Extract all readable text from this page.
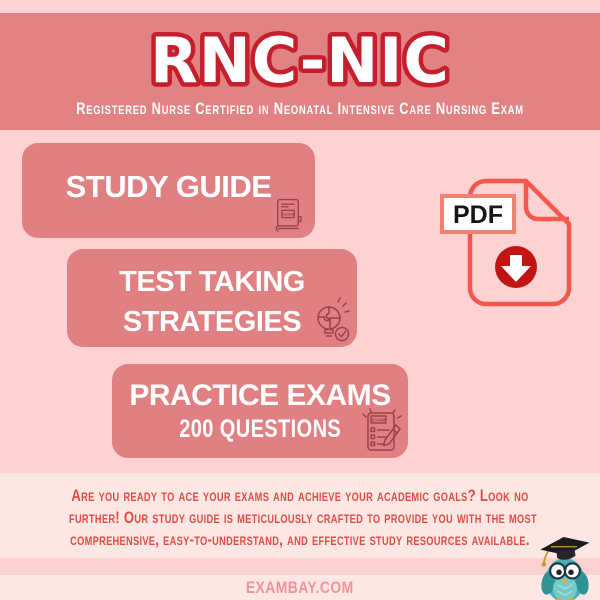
RNC-NIC
Registered Nurse Certified in Neonatal Intensive Care Nursing Exam
STUDY GUIDE
GUIDE
TEST TAKING
STRATEGIES
PRACTICE EXAMS
200 QUESTIONS	EXAM
PDF

Are you ready to ace your exams and achieve your academic goals? Look no
further! Our study guide is meticulously crafted to provide you with the most
comprehensive, easy-to-understand, and effective study resources available.

EXAMBAY.COM
